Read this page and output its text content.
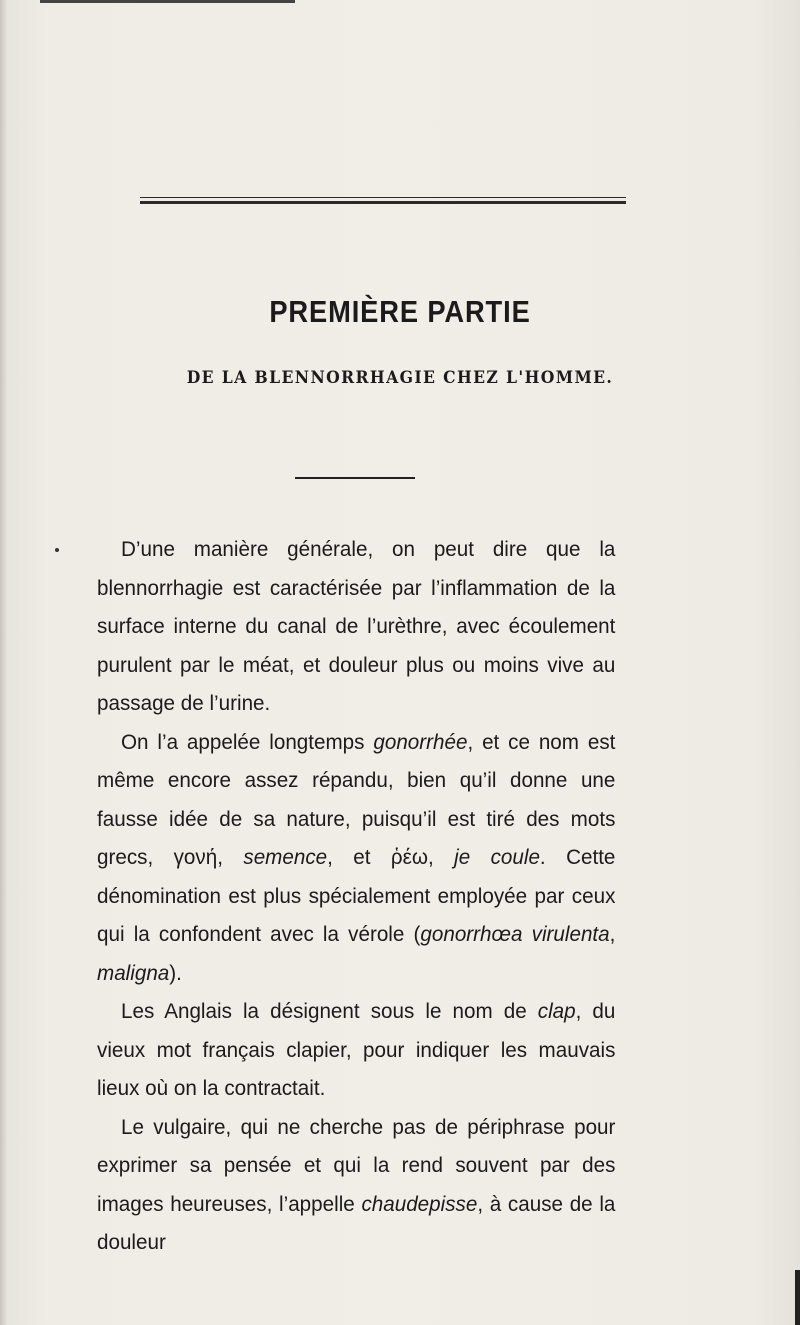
PREMIÈRE PARTIE
DE LA BLENNORRHAGIE CHEZ L'HOMME.

D’une manière générale, on peut dire que la blennorrhagie est caractérisée par l’inflammation de la surface interne du canal de l’urèthre, avec écoulement purulent par le méat, et douleur plus ou moins vive au passage de l’urine.

On l’a appelée longtemps gonorrhée, et ce nom est même encore assez répandu, bien qu’il donne une fausse idée de sa nature, puisqu’il est tiré des mots grecs, γονή, semence, et ῥέω, je coule. Cette dénomination est plus spécialement employée par ceux qui la confondent avec la vérole (gonorrhœa virulenta, maligna).

Les Anglais la désignent sous le nom de clap, du vieux mot français clapier, pour indiquer les mauvais lieux où on la contractait.

Le vulgaire, qui ne cherche pas de périphrase pour exprimer sa pensée et qui la rend souvent par des images heureuses, l’appelle chaudepisse, à cause de la douleur
